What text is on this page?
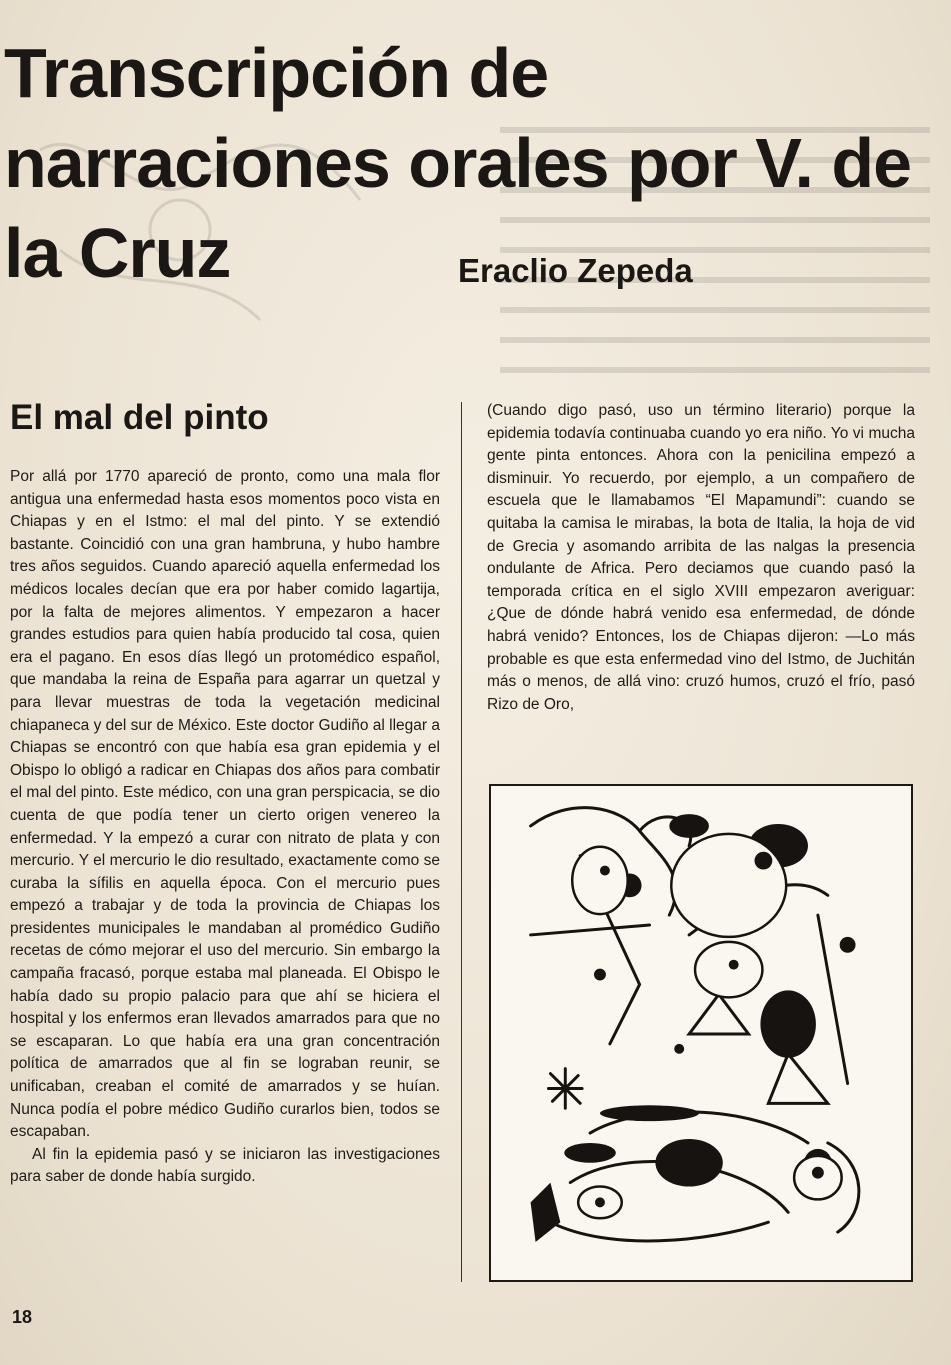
Transcripción de narraciones orales por V. de la Cruz	Eraclio Zepeda
El mal del pinto

Por allá por 1770 apareció de pronto, como una mala flor antigua una enfermedad hasta esos momentos poco vista en Chiapas y en el Istmo: el mal del pinto. Y se extendió bastante. Coincidió con una gran hambruna, y hubo hambre tres años seguidos. Cuando apareció aquella enfermedad los médicos locales decían que era por haber comido lagartija, por la falta de mejores alimentos. Y empezaron a hacer grandes estudios para quien había producido tal cosa, quien era el pagano. En esos días llegó un protomédico español, que mandaba la reina de España para agarrar un quetzal y para llevar muestras de toda la vegetación medicinal chiapaneca y del sur de México. Este doctor Gudiño al llegar a Chiapas se encontró con que había esa gran epidemia y el Obispo lo obligó a radicar en Chiapas dos años para combatir el mal del pinto. Este médico, con una gran perspicacia, se dio cuenta de que podía tener un cierto origen venereo la enfermedad. Y la empezó a curar con nitrato de plata y con mercurio. Y el mercurio le dio resultado, exactamente como se curaba la sífilis en aquella época. Con el mercurio pues empezó a trabajar y de toda la provincia de Chiapas los presidentes municipales le mandaban al promédico Gudiño recetas de cómo mejorar el uso del mercurio. Sin embargo la campaña fracasó, porque estaba mal planeada. El Obispo le había dado su propio palacio para que ahí se hiciera el hospital y los enfermos eran llevados amarrados para que no se escaparan. Lo que había era una gran concentración política de amarrados que al fin se lograban reunir, se unificaban, creaban el comité de amarrados y se huían. Nunca podía el pobre médico Gudiño curarlos bien, todos se escapaban.

Al fin la epidemia pasó y se iniciaron las investigaciones para saber de donde había surgido.

(Cuando digo pasó, uso un término literario) porque la epidemia todavía continuaba cuando yo era niño. Yo vi mucha gente pinta entonces. Ahora con la penicilina empezó a disminuir. Yo recuerdo, por ejemplo, a un compañero de escuela que le llamabamos “El Mapamundi”: cuando se quitaba la camisa le mirabas, la bota de Italia, la hoja de vid de Grecia y asomando arribita de las nalgas la presencia ondulante de Africa. Pero deciamos que cuando pasó la temporada crítica en el siglo XVIII empezaron averiguar: ¿Que de dónde habrá venido esa enfermedad, de dónde habrá venido? Entonces, los de Chiapas dijeron: —Lo más probable es que esta enfermedad vino del Istmo, de Juchitán más o menos, de allá vino: cruzó humos, cruzó el frío, pasó Rizo de Oro,

18
